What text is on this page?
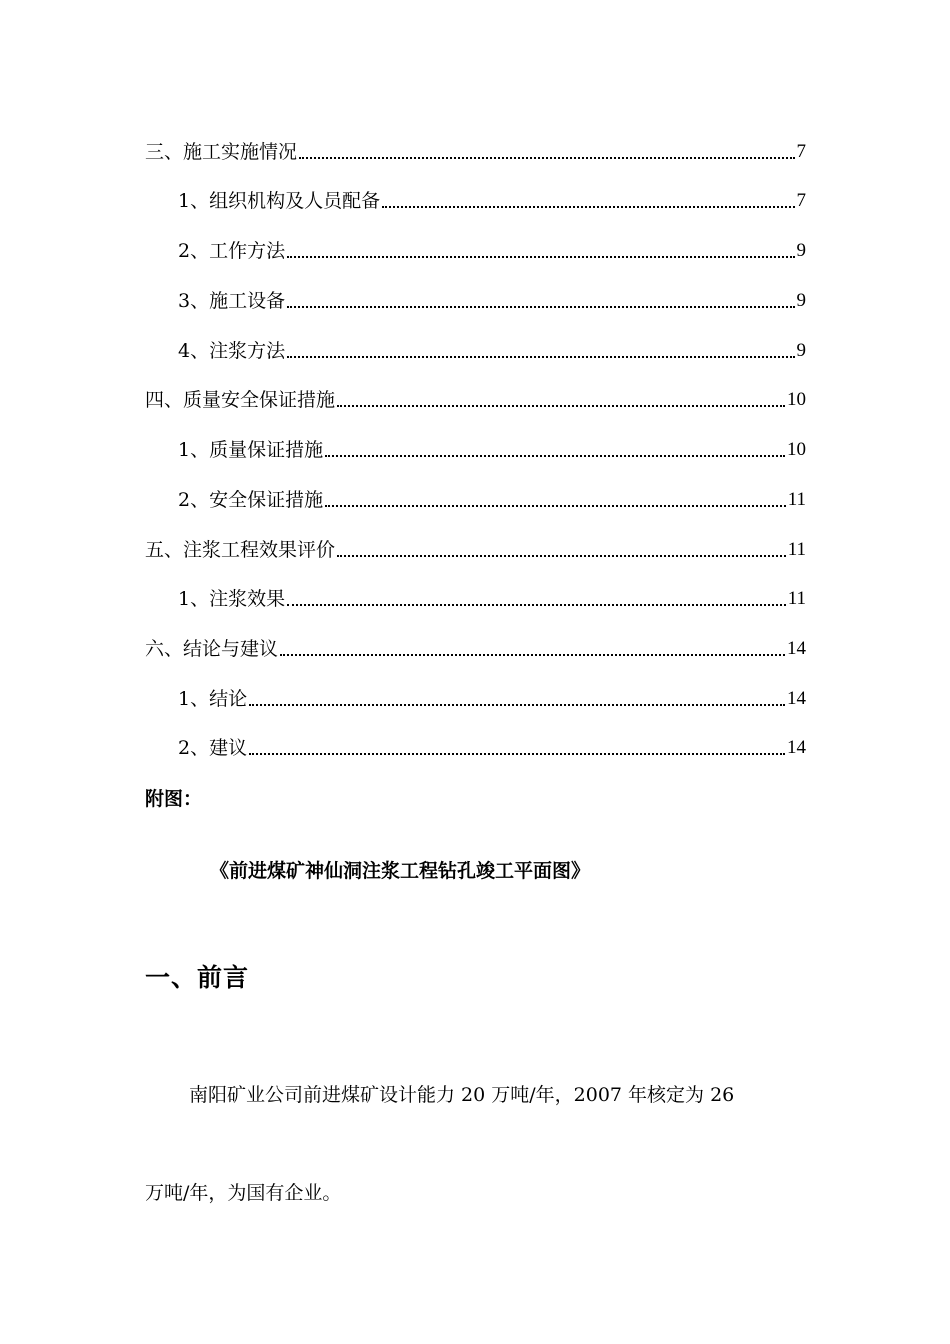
三、施工实施情况	7
1、组织机构及人员配备	7
2、工作方法	9
3、施工设备	9
4、注浆方法	9
四、质量安全保证措施	10
1、质量保证措施	10
2、安全保证措施	11
五、注浆工程效果评价	11
1、注浆效果	11
六、结论与建议	14
1、结论	14
2、建议	14
附图：
《前进煤矿神仙洞注浆工程钻孔竣工平面图》
一、前言
南阳矿业公司前进煤矿设计能力 20 万吨/年，2007 年核定为 26
万吨/年，为国有企业。
